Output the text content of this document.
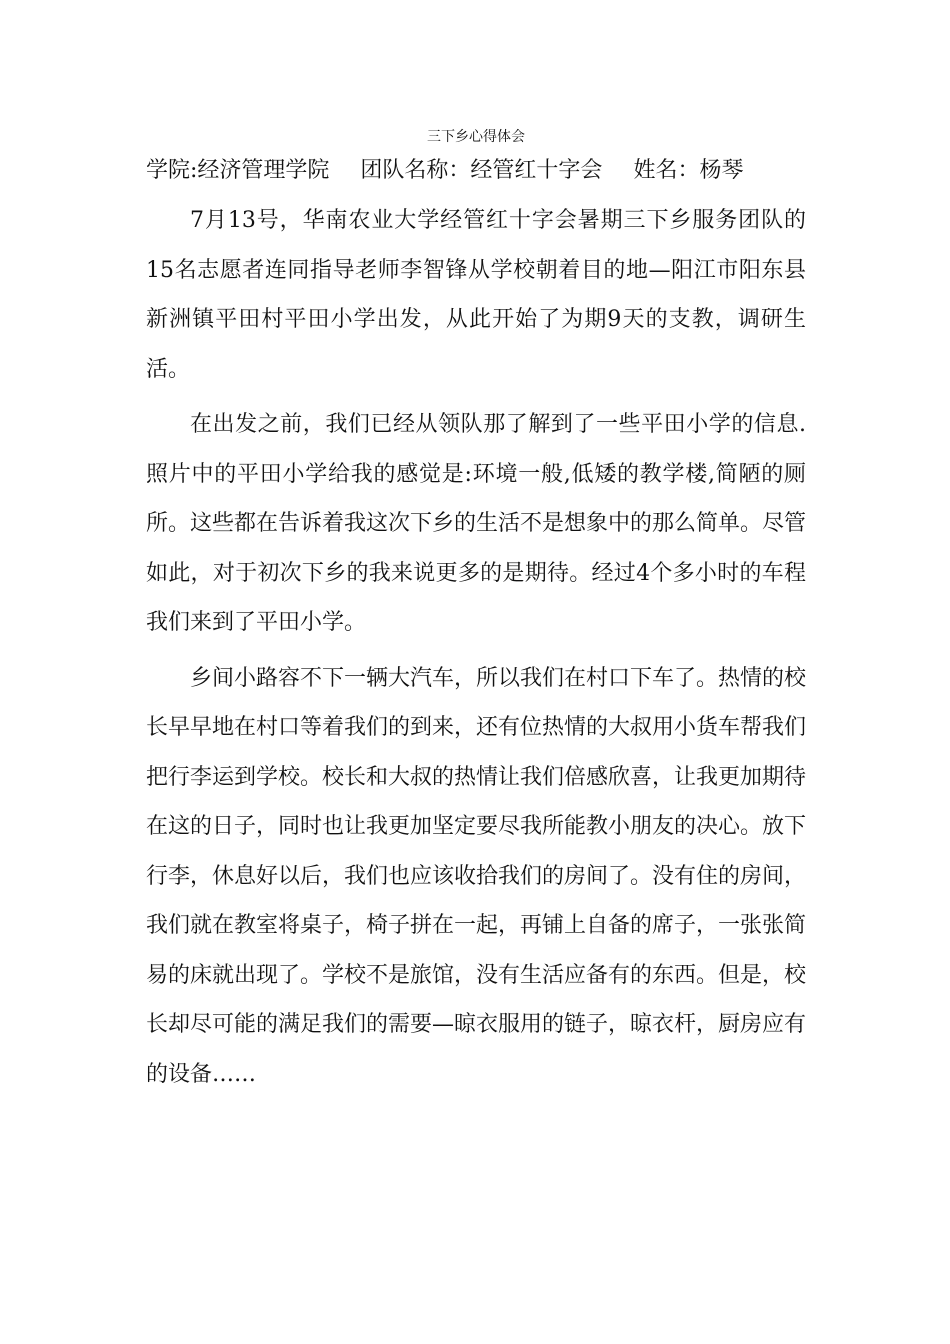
三下乡心得体会

学院:经济管理学院 团队名称：经管红十字会 姓名：杨琴

7月13号，华南农业大学经管红十字会暑期三下乡服务团队的15名志愿者连同指导老师李智锋从学校朝着目的地—阳江市阳东县新洲镇平田村平田小学出发，从此开始了为期9天的支教，调研生活。

在出发之前，我们已经从领队那了解到了一些平田小学的信息.照片中的平田小学给我的感觉是:环境一般,低矮的教学楼,简陋的厕所。这些都在告诉着我这次下乡的生活不是想象中的那么简单。尽管如此，对于初次下乡的我来说更多的是期待。经过4个多小时的车程我们来到了平田小学。

乡间小路容不下一辆大汽车，所以我们在村口下车了。热情的校长早早地在村口等着我们的到来，还有位热情的大叔用小货车帮我们把行李运到学校。校长和大叔的热情让我们倍感欣喜，让我更加期待在这的日子，同时也让我更加坚定要尽我所能教小朋友的决心。放下行李，休息好以后，我们也应该收拾我们的房间了。没有住的房间，我们就在教室将桌子，椅子拼在一起，再铺上自备的席子，一张张简易的床就出现了。学校不是旅馆，没有生活应备有的东西。但是，校长却尽可能的满足我们的需要—晾衣服用的链子，晾衣杆，厨房应有的设备……
